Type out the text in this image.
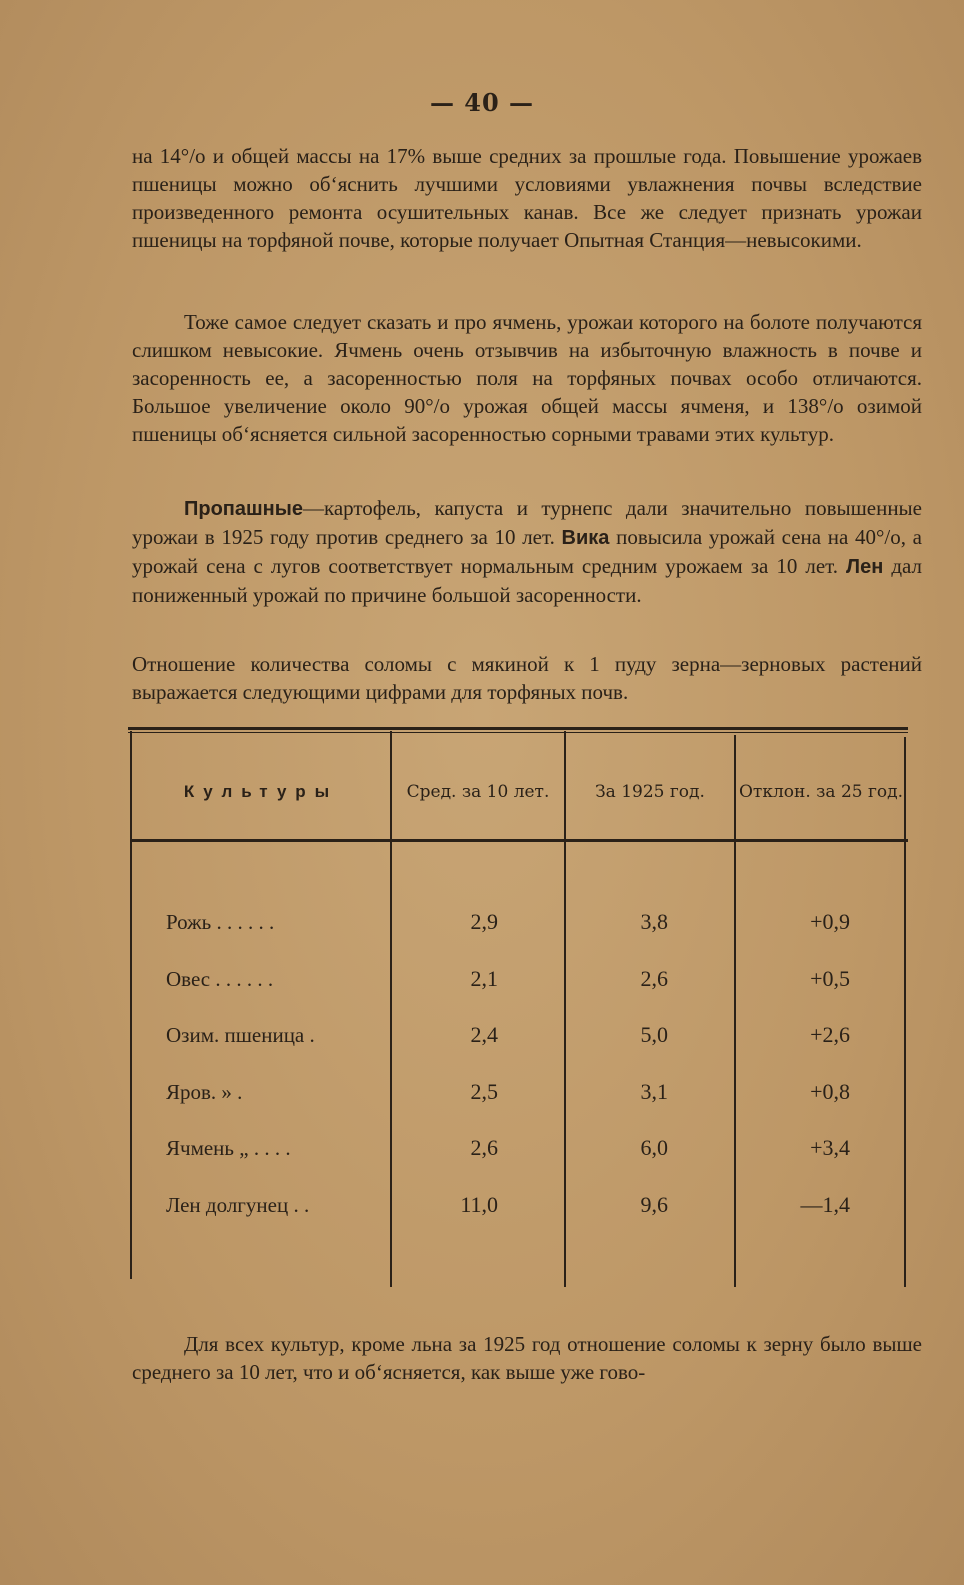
— 40 —

на 14°/о и общей массы на 17% выше средних за прошлые года. Повышение урожаев пшеницы можно об‘яснить лучшими условиями увлажнения почвы вследствие произведенного ремонта осушительных канав. Все же следует признать урожаи пшеницы на торфяной почве, которые получает Опытная Станция—невысокими.

Тоже самое следует сказать и про ячмень, урожаи которого на болоте получаются слишком невысокие. Ячмень очень отзывчив на избыточную влажность в почве и засоренность ее, а засоренностью поля на торфяных почвах особо отличаются. Большое увеличение около 90°/о урожая общей массы ячменя, и 138°/о озимой пшеницы об‘ясняется сильной засоренностью сорными травами этих культур.

Пропашные—картофель, капуста и турнепс дали значительно повышенные урожаи в 1925 году против среднего за 10 лет. Вика повысила урожай сена на 40°/о, а урожай сена с лугов соответствует нормальным средним урожаем за 10 лет. Лен дал пониженный урожай по причине большой засоренности.

Отношение количества соломы с мякиной к 1 пуду зерна—зерновых растений выражается следующими цифрами для торфяных почв.

Культуры	Сред. за 10 лет.	За 1925 год.	Отклон. за 25 год.
Рожь . . . . . .	2,9	3,8	+0,9
Овес . . . . . .	2,1	2,6	+0,5
Озим. пшеница .	2,4	5,0	+2,6
Яров. » .	2,5	3,1	+0,8
Ячмень „ . . . .	2,6	6,0	+3,4
Лен долгунец . .	11,0	9,6	—1,4

Для всех культур, кроме льна за 1925 год отношение соломы к зерну было выше среднего за 10 лет, что и об‘ясняется, как выше уже гово-
